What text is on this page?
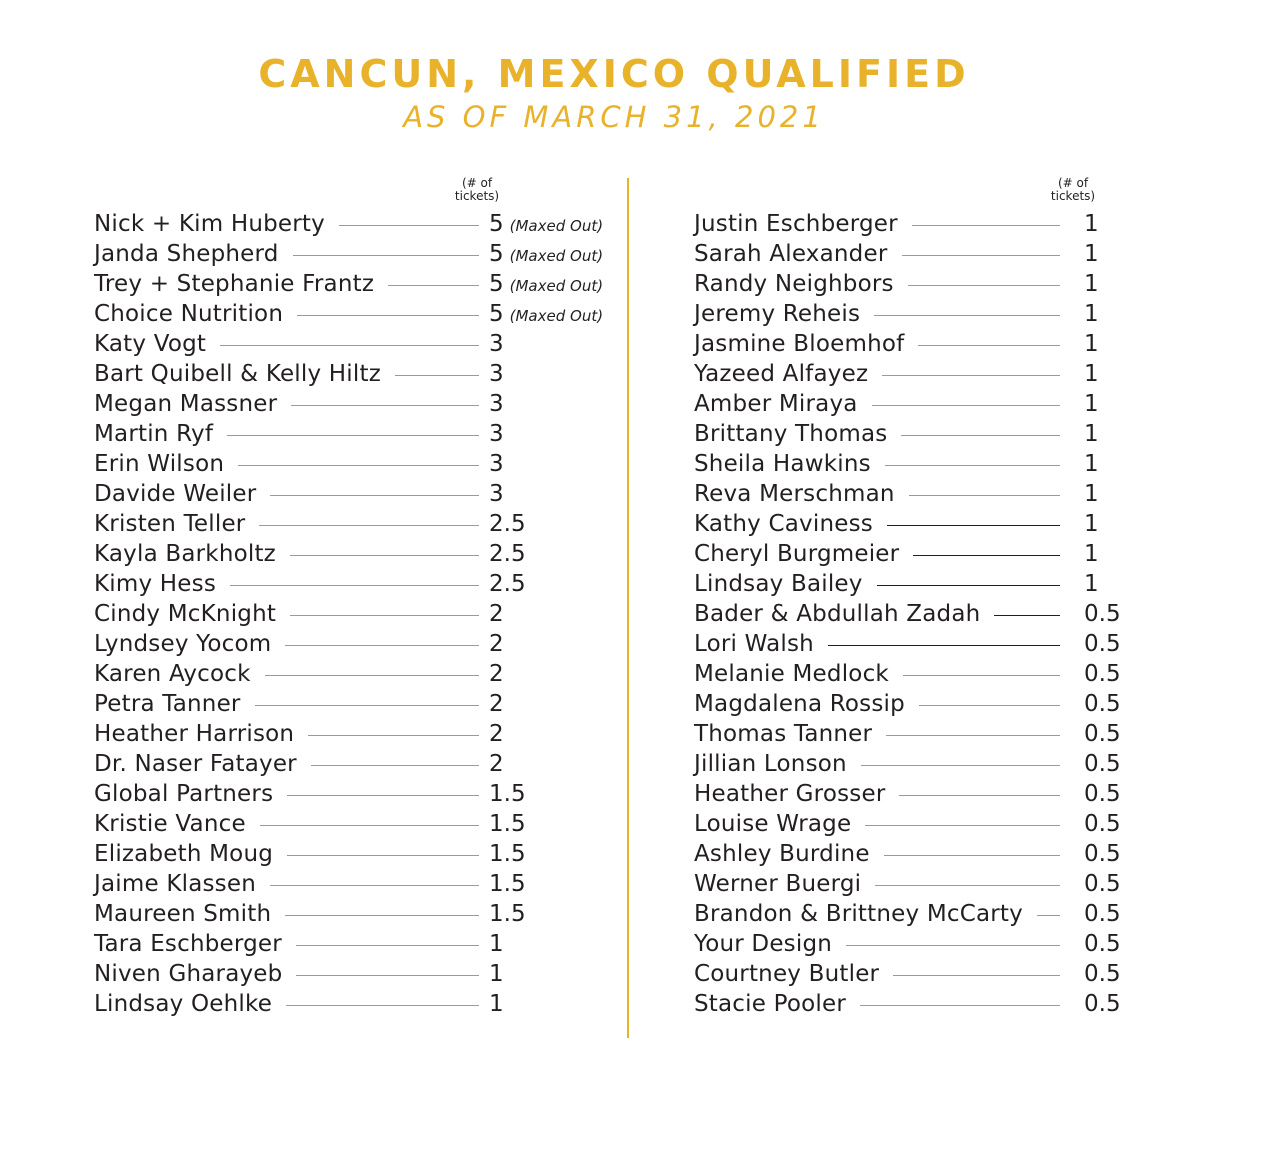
CANCUN, MEXICO QUALIFIED
AS OF MARCH 31, 2021
(# of
tickets)
(# of
tickets)
Nick + Kim Huberty	5 (Maxed Out)
Janda Shepherd	5 (Maxed Out)
Trey + Stephanie Frantz	5 (Maxed Out)
Choice Nutrition	5 (Maxed Out)
Katy Vogt	3
Bart Quibell & Kelly Hiltz	3
Megan Massner	3
Martin Ryf	3
Erin Wilson	3
Davide Weiler	3
Kristen Teller	2.5
Kayla Barkholtz	2.5
Kimy Hess	2.5
Cindy McKnight	2
Lyndsey Yocom	2
Karen Aycock	2
Petra Tanner	2
Heather Harrison	2
Dr. Naser Fatayer	2
Global Partners	1.5
Kristie Vance	1.5
Elizabeth Moug	1.5
Jaime Klassen	1.5
Maureen Smith	1.5
Tara Eschberger	1
Niven Gharayeb	1
Lindsay Oehlke	1
Justin Eschberger	1
Sarah Alexander	1
Randy Neighbors	1
Jeremy Reheis	1
Jasmine Bloemhof	1
Yazeed Alfayez	1
Amber Miraya	1
Brittany Thomas	1
Sheila Hawkins	1
Reva Merschman	1
Kathy Caviness	1
Cheryl Burgmeier	1
Lindsay Bailey	1
Bader & Abdullah Zadah	0.5
Lori Walsh	0.5
Melanie Medlock	0.5
Magdalena Rossip	0.5
Thomas Tanner	0.5
Jillian Lonson	0.5
Heather Grosser	0.5
Louise Wrage	0.5
Ashley Burdine	0.5
Werner Buergi	0.5
Brandon & Brittney McCarty	0.5
Your Design	0.5
Courtney Butler	0.5
Stacie Pooler	0.5
